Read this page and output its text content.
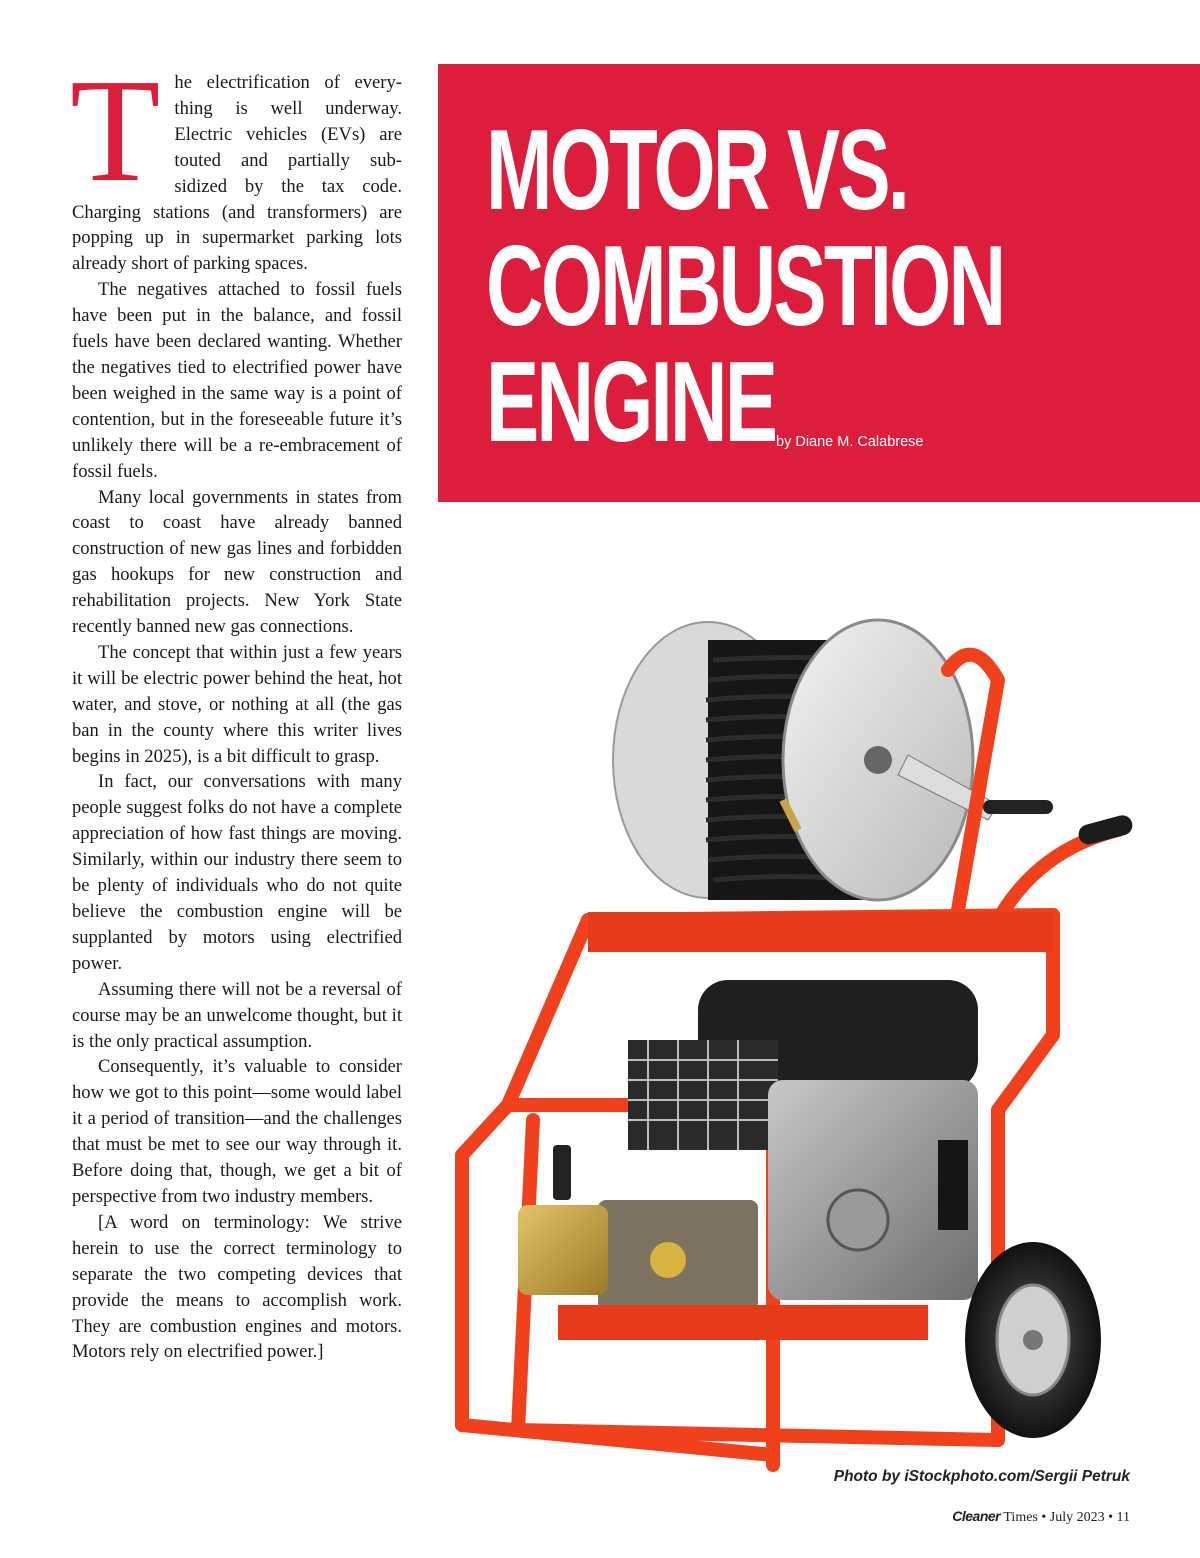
T he electrification of everything is well underway. Electric vehicles (EVs) are touted and partially subsidized by the tax code. Charging stations (and transformers) are popping up in supermarket parking lots already short of parking spaces.

The negatives attached to fossil fuels have been put in the balance, and fossil fuels have been declared wanting. Whether the negatives tied to electrified power have been weighed in the same way is a point of contention, but in the foreseeable future it’s unlikely there will be a re-embracement of fossil fuels.

Many local governments in states from coast to coast have already banned construction of new gas lines and forbidden gas hookups for new construction and rehabilitation projects. New York State recently banned new gas connections.

The concept that within just a few years it will be electric power behind the heat, hot water, and stove, or nothing at all (the gas ban in the county where this writer lives begins in 2025), is a bit difficult to grasp.

In fact, our conversations with many people suggest folks do not have a complete appreciation of how fast things are moving. Similarly, within our industry there seem to be plenty of individuals who do not quite believe the combustion engine will be supplanted by motors using electrified power.

Assuming there will not be a reversal of course may be an unwelcome thought, but it is the only practical assumption.

Consequently, it’s valuable to consider how we got to this point—some would label it a period of transition—and the challenges that must be met to see our way through it. Before doing that, though, we get a bit of perspective from two industry members.

[A word on terminology: We strive herein to use the correct terminology to separate the two competing devices that provide the means to accomplish work. They are combustion engines and motors. Motors rely on electrified power.]

MOTOR VS.
COMBUSTION
ENGINE by Diane M. Calabrese
Photo by iStockphoto.com/Sergii Petruk
Cleaner Times • July 2023 • 11
